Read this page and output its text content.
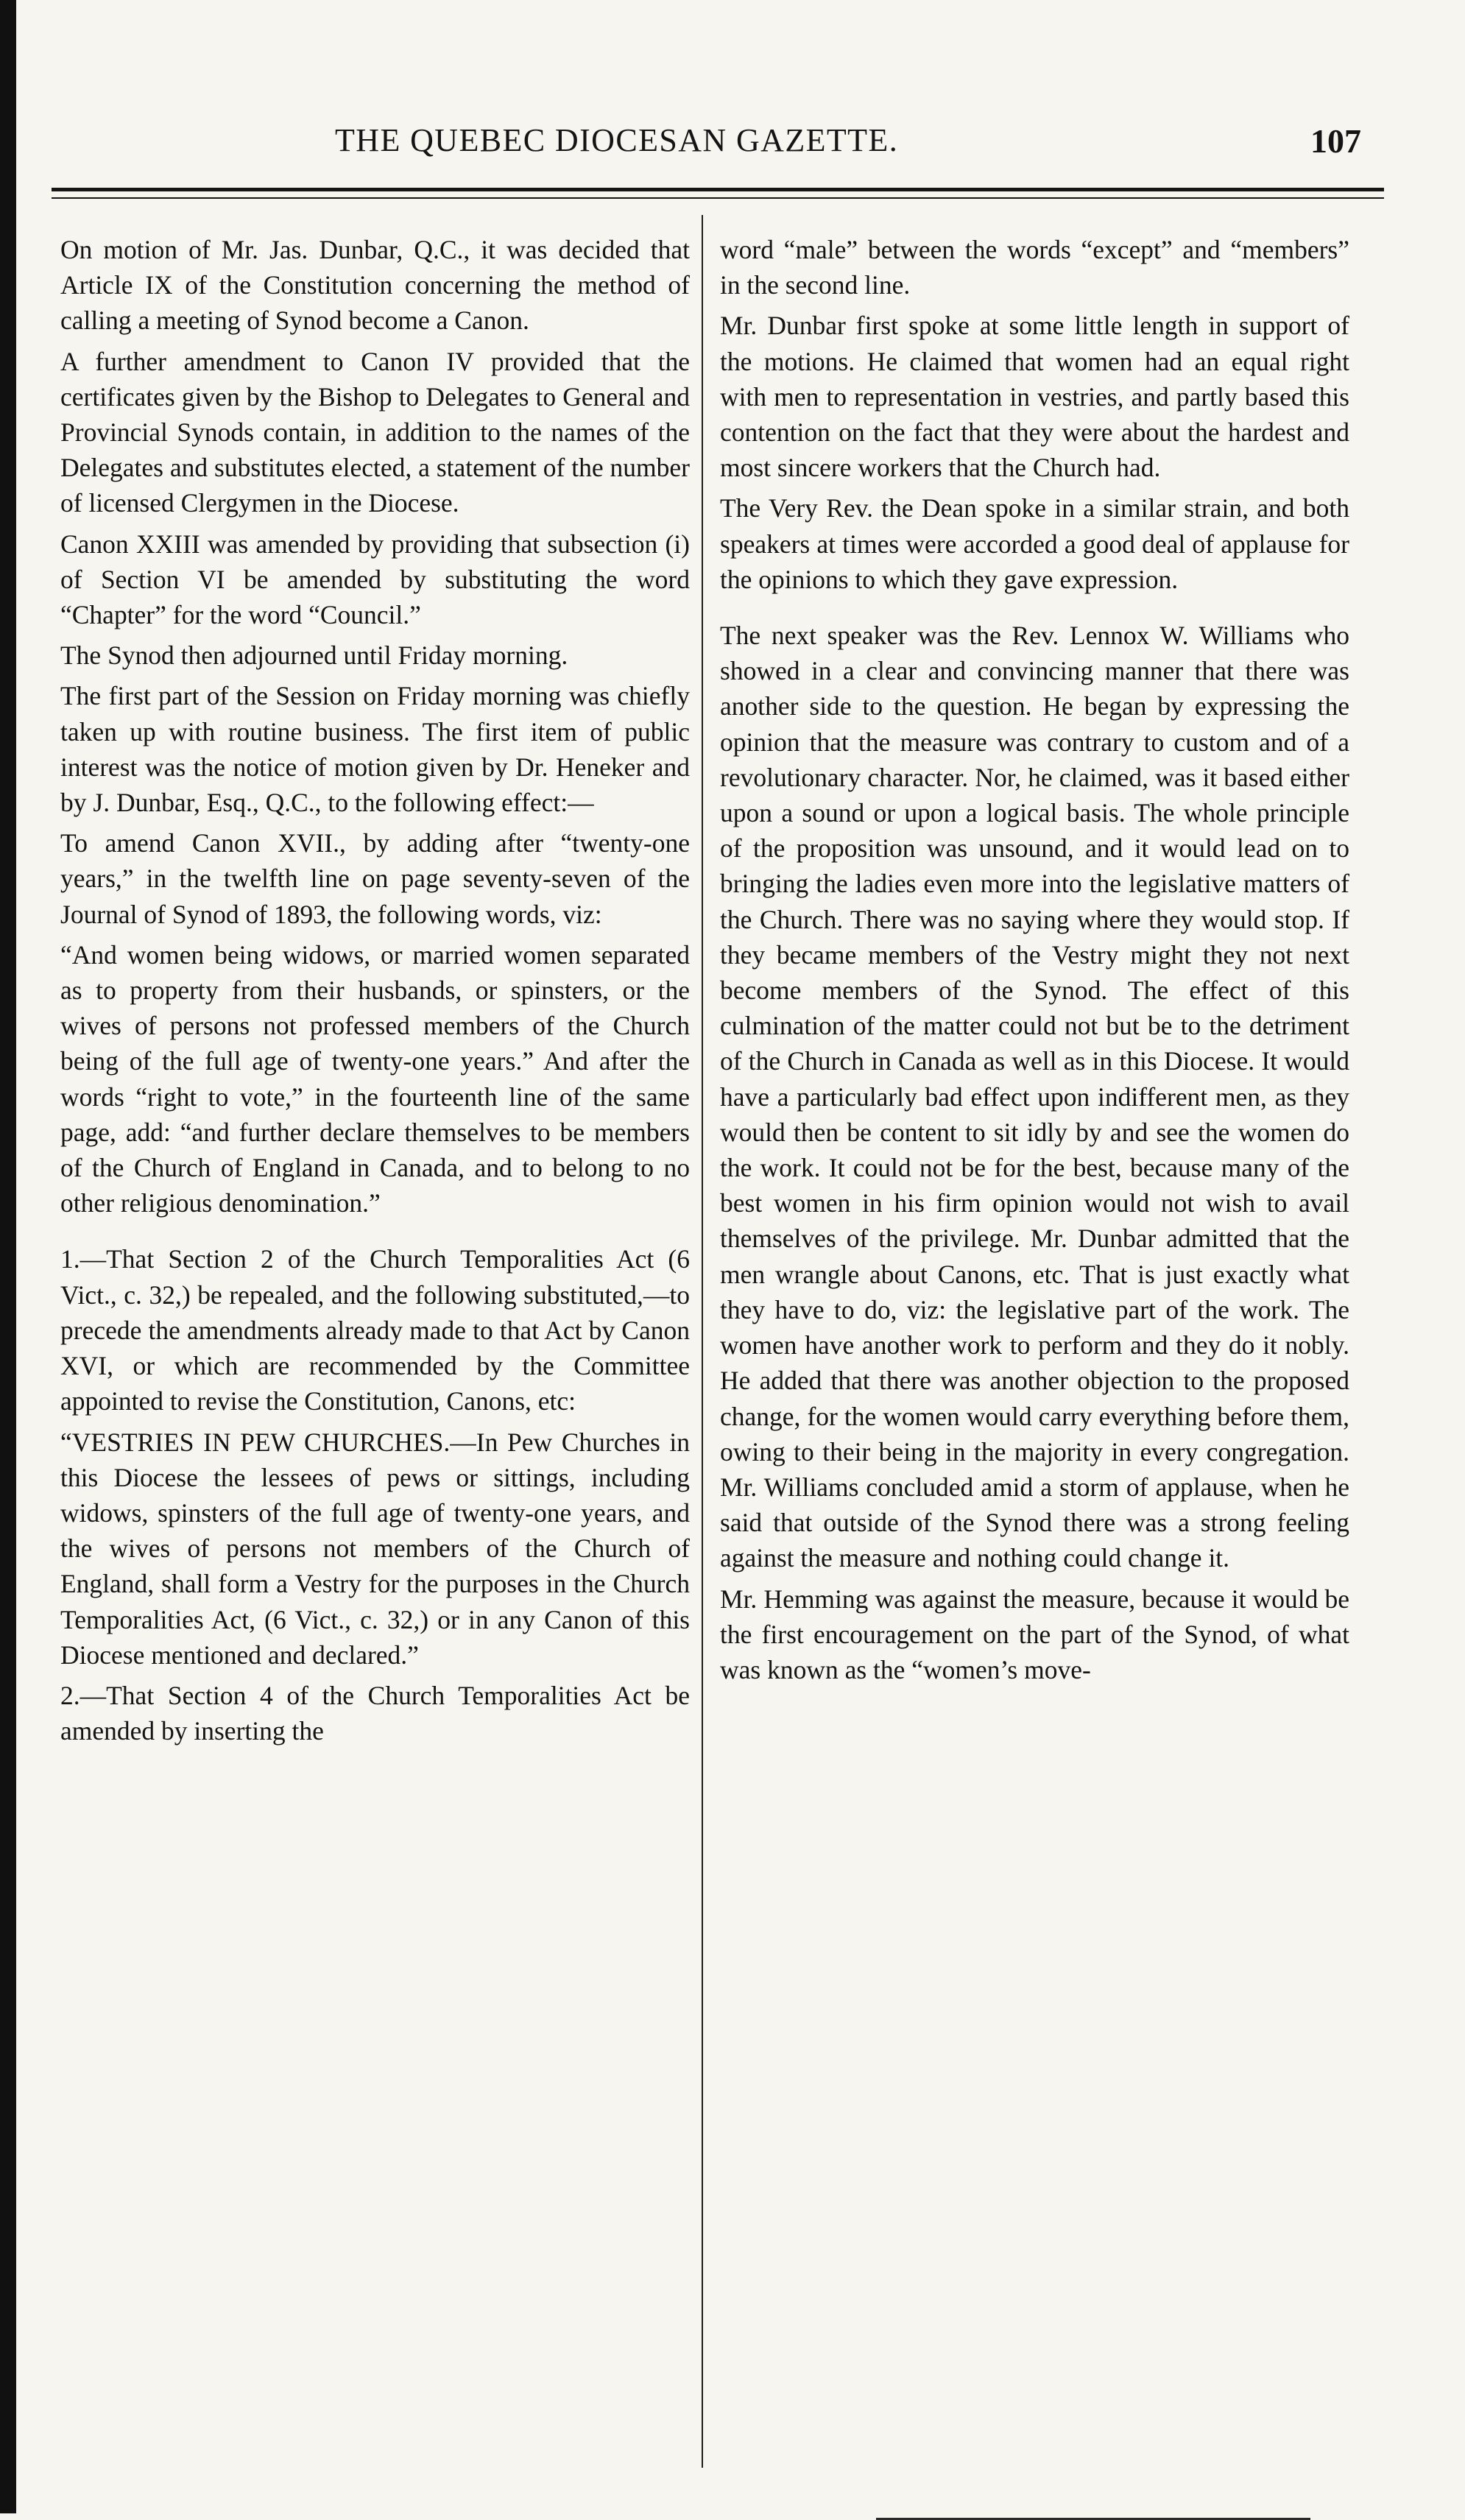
THE QUEBEC DIOCESAN GAZETTE.	107

On motion of Mr. Jas. Dunbar, Q.C., it was decided that Article IX of the Constitution concerning the method of calling a meeting of Synod become a Canon.

A further amendment to Canon IV provided that the certificates given by the Bishop to Delegates to General and Provincial Synods contain, in addition to the names of the Delegates and substitutes elected, a statement of the number of licensed Clergymen in the Diocese.

Canon XXIII was amended by providing that subsection (i) of Section VI be amended by substituting the word “Chapter” for the word “Council.”

The Synod then adjourned until Friday morning.

The first part of the Session on Friday morning was chiefly taken up with routine business. The first item of public interest was the notice of motion given by Dr. Heneker and by J. Dunbar, Esq., Q.C., to the following effect:—

To amend Canon XVII., by adding after “twenty-one years,” in the twelfth line on page seventy-seven of the Journal of Synod of 1893, the following words, viz:

“And women being widows, or married women separated as to property from their husbands, or spinsters, or the wives of persons not professed members of the Church being of the full age of twenty-one years.” And after the words “right to vote,” in the fourteenth line of the same page, add: “and further declare themselves to be members of the Church of England in Canada, and to belong to no other religious denomination.”

1.—That Section 2 of the Church Temporalities Act (6 Vict., c. 32,) be repealed, and the following substituted,—to precede the amendments already made to that Act by Canon XVI, or which are recommended by the Committee appointed to revise the Constitution, Canons, etc:

“VESTRIES IN PEW CHURCHES.—In Pew Churches in this Diocese the lessees of pews or sittings, including widows, spinsters of the full age of twenty-one years, and the wives of persons not members of the Church of England, shall form a Vestry for the purposes in the Church Temporalities Act, (6 Vict., c. 32,) or in any Canon of this Diocese mentioned and declared.”

2.—That Section 4 of the Church Temporalities Act be amended by inserting the

word “male” between the words “except” and “members” in the second line.

Mr. Dunbar first spoke at some little length in support of the motions. He claimed that women had an equal right with men to representation in vestries, and partly based this contention on the fact that they were about the hardest and most sincere workers that the Church had.

The Very Rev. the Dean spoke in a similar strain, and both speakers at times were accorded a good deal of applause for the opinions to which they gave expression.

The next speaker was the Rev. Lennox W. Williams who showed in a clear and convincing manner that there was another side to the question. He began by expressing the opinion that the measure was contrary to custom and of a revolutionary character. Nor, he claimed, was it based either upon a sound or upon a logical basis. The whole principle of the proposition was unsound, and it would lead on to bringing the ladies even more into the legislative matters of the Church. There was no saying where they would stop. If they became members of the Vestry might they not next become members of the Synod. The effect of this culmination of the matter could not but be to the detriment of the Church in Canada as well as in this Diocese. It would have a particularly bad effect upon indifferent men, as they would then be content to sit idly by and see the women do the work. It could not be for the best, because many of the best women in his firm opinion would not wish to avail themselves of the privilege. Mr. Dunbar admitted that the men wrangle about Canons, etc. That is just exactly what they have to do, viz: the legislative part of the work. The women have another work to perform and they do it nobly. He added that there was another objection to the proposed change, for the women would carry everything before them, owing to their being in the majority in every congregation. Mr. Williams concluded amid a storm of applause, when he said that outside of the Synod there was a strong feeling against the measure and nothing could change it.

Mr. Hemming was against the measure, because it would be the first encouragement on the part of the Synod, of what was known as the “women’s move-
